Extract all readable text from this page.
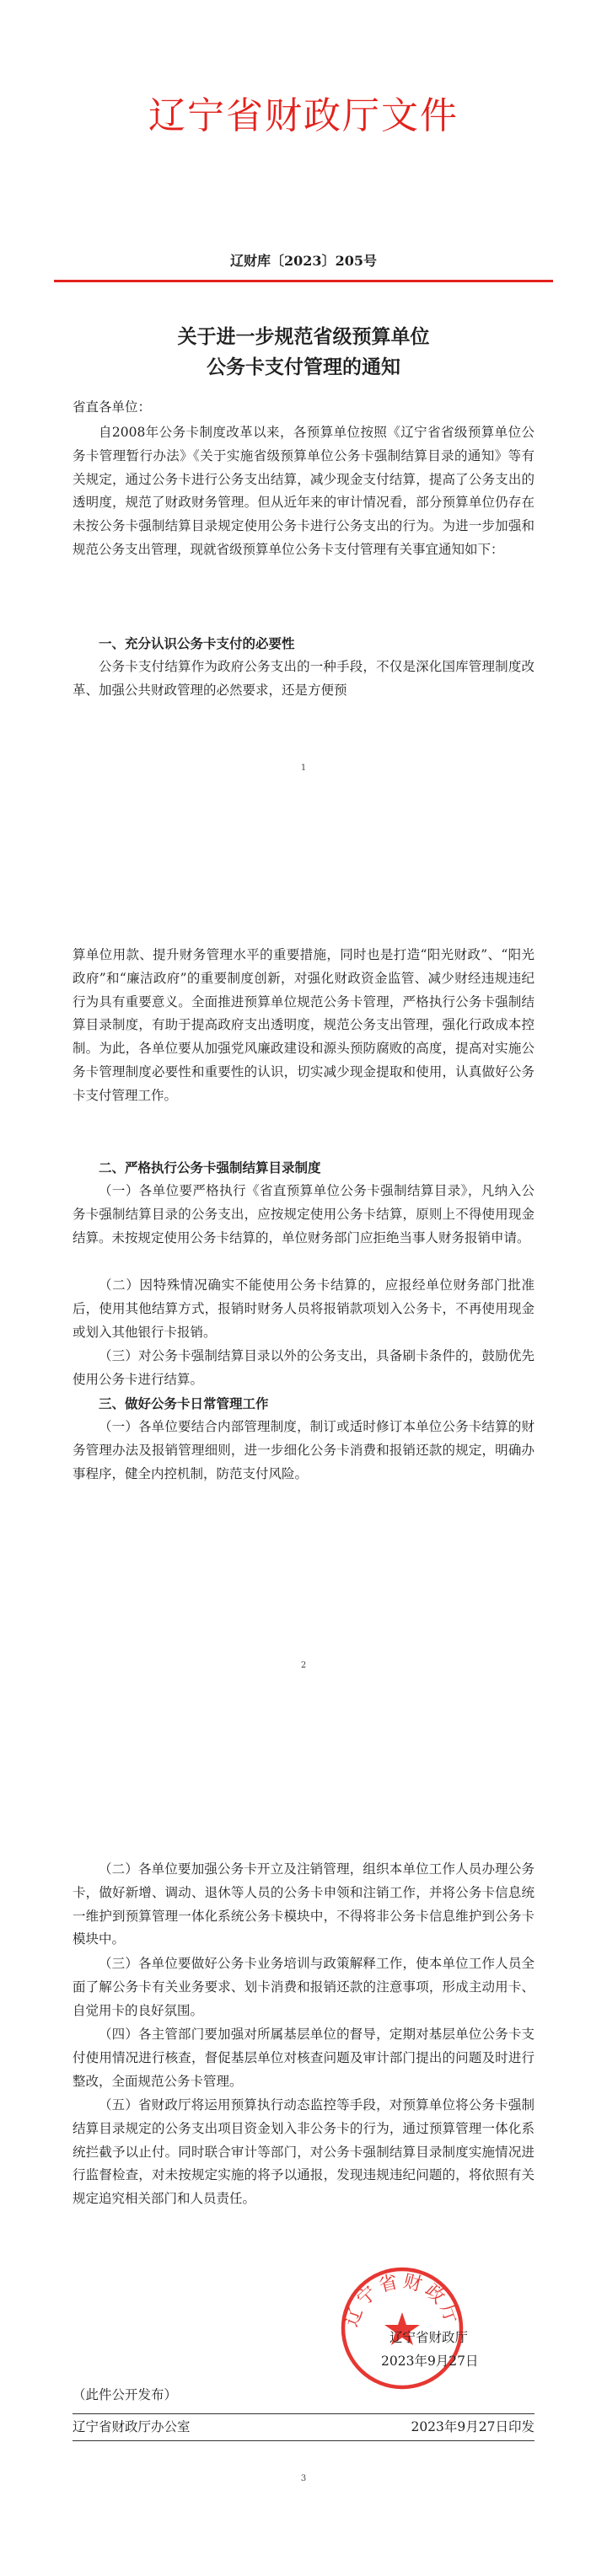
辽宁省财政厅文件
辽财库〔2023〕205号
关于进一步规范省级预算单位
公务卡支付管理的通知
省直各单位：
自2008年公务卡制度改革以来，各预算单位按照《辽宁省省级预算单位公务卡管理暂行办法》《关于实施省级预算单位公务卡强制结算目录的通知》等有关规定，通过公务卡进行公务支出结算，减少现金支付结算，提高了公务支出的透明度，规范了财政财务管理。但从近年来的审计情况看，部分预算单位仍存在未按公务卡强制结算目录规定使用公务卡进行公务支出的行为。为进一步加强和规范公务支出管理，现就省级预算单位公务卡支付管理有关事宜通知如下：
一、充分认识公务卡支付的必要性
公务卡支付结算作为政府公务支出的一种手段，不仅是深化国库管理制度改革、加强公共财政管理的必然要求，还是方便预
1
算单位用款、提升财务管理水平的重要措施，同时也是打造“阳光财政”、“阳光政府”和“廉洁政府”的重要制度创新，对强化财政资金监管、减少财经违规违纪行为具有重要意义。全面推进预算单位规范公务卡管理，严格执行公务卡强制结算目录制度，有助于提高政府支出透明度，规范公务支出管理，强化行政成本控制。为此，各单位要从加强党风廉政建设和源头预防腐败的高度，提高对实施公务卡管理制度必要性和重要性的认识，切实减少现金提取和使用，认真做好公务卡支付管理工作。
二、严格执行公务卡强制结算目录制度
（一）各单位要严格执行《省直预算单位公务卡强制结算目录》，凡纳入公务卡强制结算目录的公务支出，应按规定使用公务卡结算，原则上不得使用现金结算。未按规定使用公务卡结算的，单位财务部门应拒绝当事人财务报销申请。
（二）因特殊情况确实不能使用公务卡结算的，应报经单位财务部门批准后，使用其他结算方式，报销时财务人员将报销款项划入公务卡，不再使用现金或划入其他银行卡报销。
（三）对公务卡强制结算目录以外的公务支出，具备刷卡条件的，鼓励优先使用公务卡进行结算。
三、做好公务卡日常管理工作
（一）各单位要结合内部管理制度，制订或适时修订本单位公务卡结算的财务管理办法及报销管理细则，进一步细化公务卡消费和报销还款的规定，明确办事程序，健全内控机制，防范支付风险。
2
（二）各单位要加强公务卡开立及注销管理，组织本单位工作人员办理公务卡，做好新增、调动、退休等人员的公务卡申领和注销工作，并将公务卡信息统一维护到预算管理一体化系统公务卡模块中，不得将非公务卡信息维护到公务卡模块中。
（三）各单位要做好公务卡业务培训与政策解释工作，使本单位工作人员全面了解公务卡有关业务要求、划卡消费和报销还款的注意事项，形成主动用卡、自觉用卡的良好氛围。
（四）各主管部门要加强对所属基层单位的督导，定期对基层单位公务卡支付使用情况进行核查，督促基层单位对核查问题及审计部门提出的问题及时进行整改，全面规范公务卡管理。
（五）省财政厅将运用预算执行动态监控等手段，对预算单位将公务卡强制结算目录规定的公务支出项目资金划入非公务卡的行为，通过预算管理一体化系统拦截予以止付。同时联合审计等部门，对公务卡强制结算目录制度实施情况进行监督检查，对未按规定实施的将予以通报，发现违规违纪问题的，将依照有关规定追究相关部门和人员责任。
辽宁省财政厅
辽宁省财政厅
2023年9月27日
（此件公开发布）
辽宁省财政厅办公室	2023年9月27日印发
3
